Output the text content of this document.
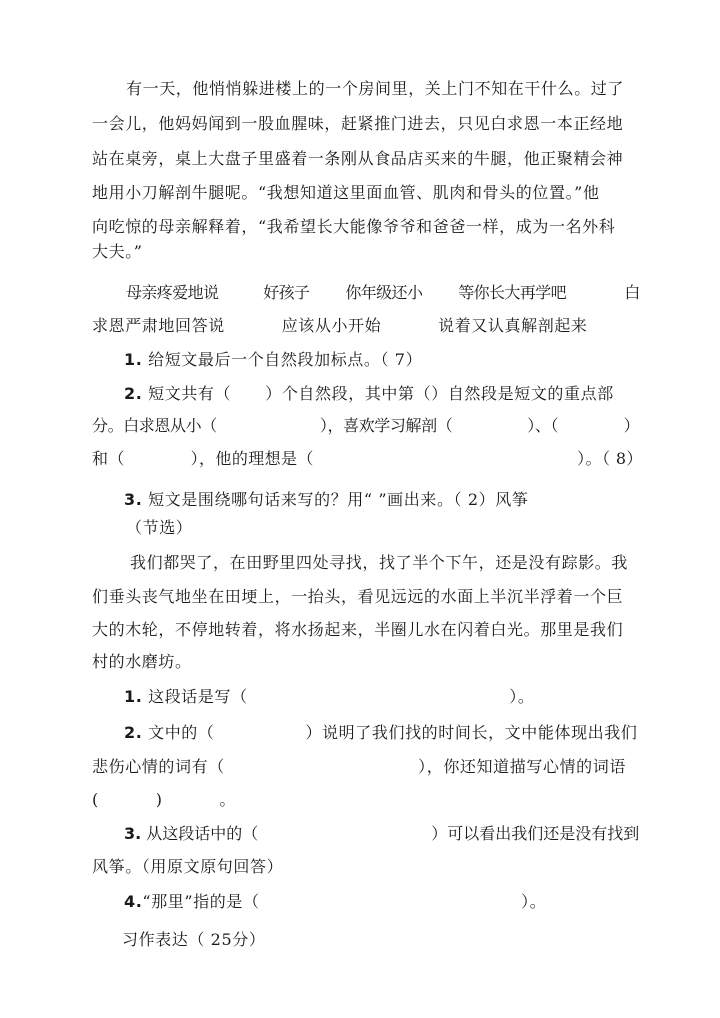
有一天，他悄悄躲进楼上的一个房间里，关上门不知在干什么。过了
一会儿，他妈妈闻到一股血腥味，赶紧推门进去，只见白求恩一本正经地
站在桌旁，桌上大盘子里盛着一条刚从食品店买来的牛腿，他正聚精会神
地用小刀解剖牛腿呢。“我想知道这里面血管、肌肉和骨头的位置。”他
向吃惊的母亲解释着，“我希望长大能像爷爷和爸爸一样，成为一名外科
大夫。”
母亲疼爱地说          好孩子        你年级还小        等你长大再学吧             白
求恩严肃地回答说          应该从小开始          说着又认真解剖起来
1. 给短文最后一个自然段加标点。（ 7）
2. 短文共有（      ）个自然段，其中第（）自然段是短文的重点部
分。白求恩从小（                      ），喜欢学习解剖（                ）、（              ）
和（            ），他的理想是（                                                ）。（ 8）
3. 短文是围绕哪句话来写的？用“ ”画出来。（ 2）风筝
（节选）
我们都哭了，在田野里四处寻找，找了半个下午，还是没有踪影。我
们垂头丧气地坐在田埂上，一抬头，看见远远的水面上半沉半浮着一个巨
大的木轮，不停地转着，将水扬起来，半圈儿水在闪着白光。那里是我们
村的水磨坊。
1. 这段话是写（                                              ）。
2. 文中的（                ）说明了我们找的时间长，文中能体现出我们
悲伤心情的词有（                                  ），你还知道描写心情的词语
(          )          。
3. 从这段话中的（                                  ）可以看出我们还是没有找到
风筝。（用原文原句回答）
4.“那里”指的是（                                              ）。
习作表达（ 25分）
